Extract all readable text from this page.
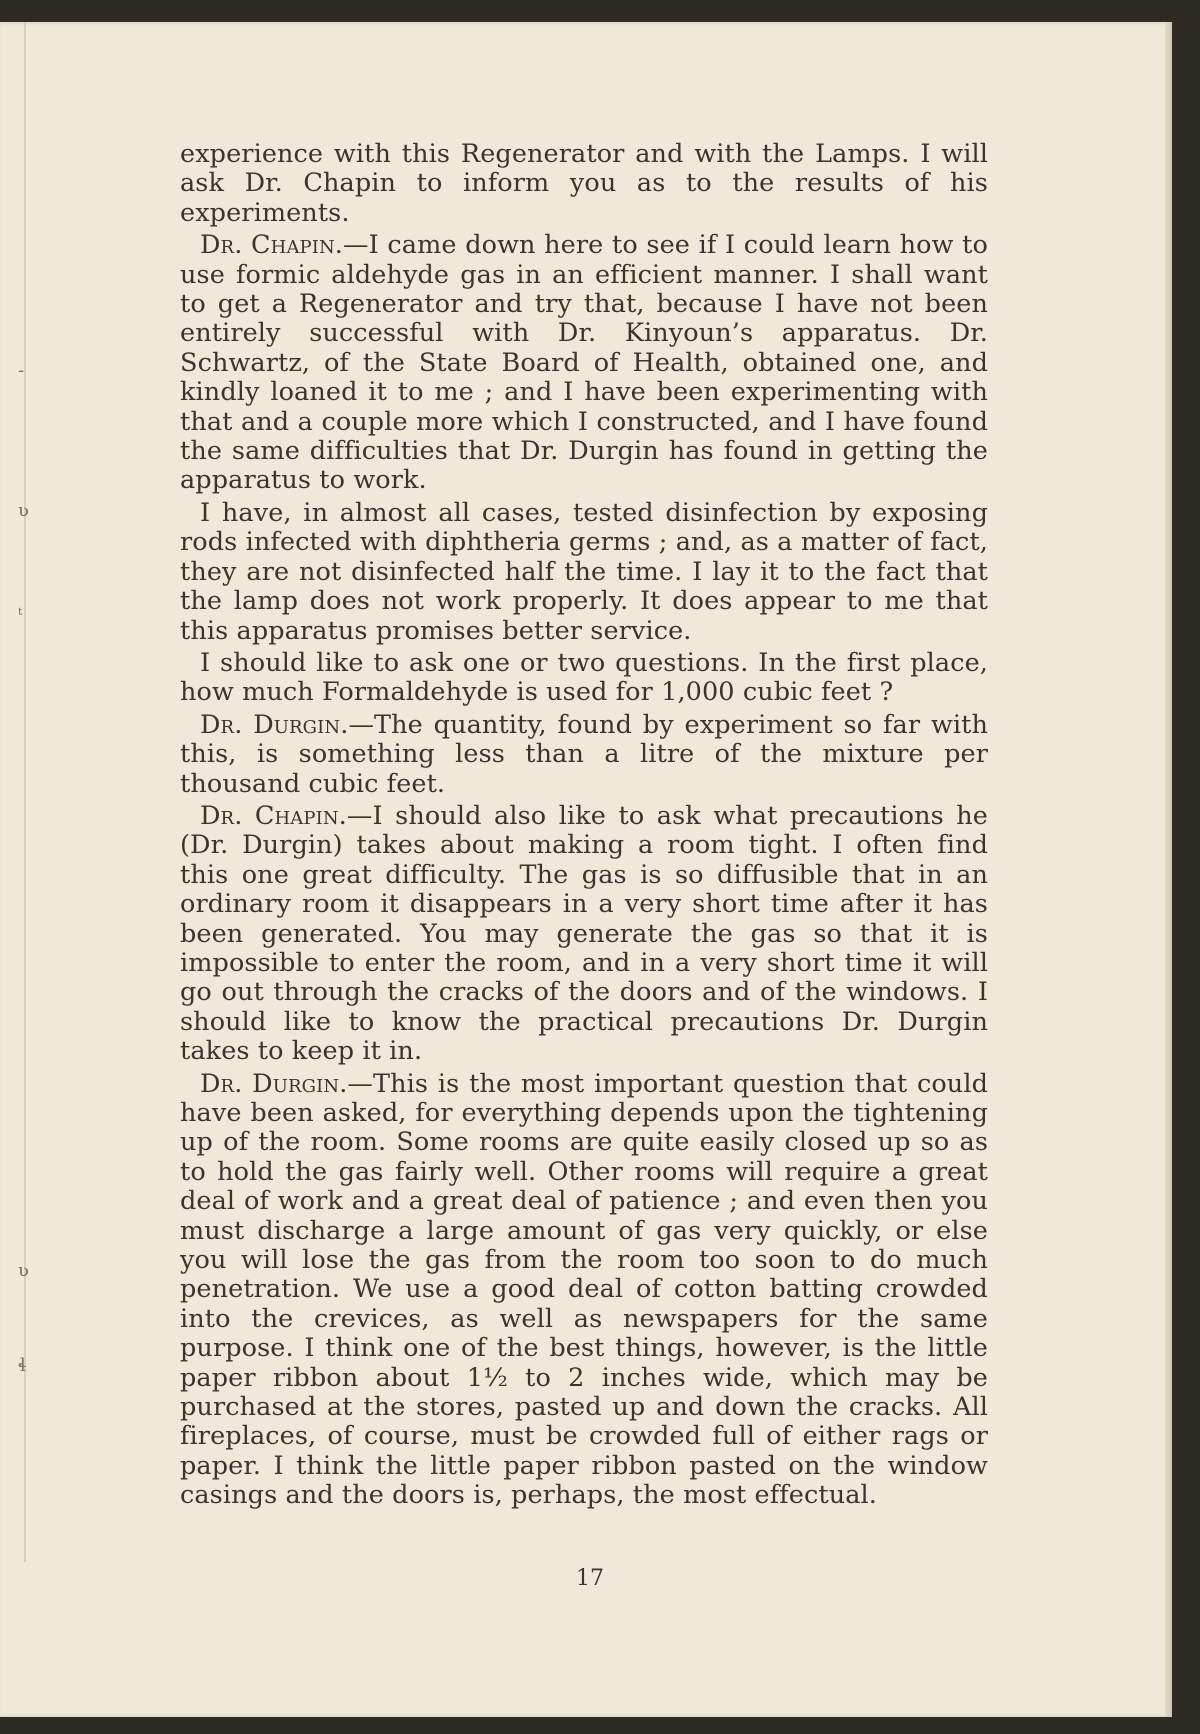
-
ʋ
ᵗ
ʋ
ɬ

experience with this Regenerator and with the Lamps. I will ask Dr. Chapin to inform you as to the results of his experiments.

Dr. Chapin.—I came down here to see if I could learn how to use formic aldehyde gas in an efficient manner. I shall want to get a Regenerator and try that, because I have not been entirely successful with Dr. Kinyoun’s apparatus. Dr. Schwartz, of the State Board of Health, obtained one, and kindly loaned it to me ; and I have been experimenting with that and a couple more which I constructed, and I have found the same difficulties that Dr. Durgin has found in getting the apparatus to work.

I have, in almost all cases, tested disinfection by exposing rods infected with diphtheria germs ; and, as a matter of fact, they are not disinfected half the time. I lay it to the fact that the lamp does not work properly. It does appear to me that this apparatus promises better service.

I should like to ask one or two questions. In the first place, how much Formaldehyde is used for 1,000 cubic feet ?

Dr. Durgin.—The quantity, found by experiment so far with this, is something less than a litre of the mixture per thousand cubic feet.

Dr. Chapin.—I should also like to ask what precautions he (Dr. Durgin) takes about making a room tight. I often find this one great difficulty. The gas is so diffusible that in an ordinary room it disappears in a very short time after it has been generated. You may generate the gas so that it is impossible to enter the room, and in a very short time it will go out through the cracks of the doors and of the windows. I should like to know the practical precautions Dr. Durgin takes to keep it in.

Dr. Durgin.—This is the most important question that could have been asked, for everything depends upon the tightening up of the room. Some rooms are quite easily closed up so as to hold the gas fairly well. Other rooms will require a great deal of work and a great deal of patience ; and even then you must discharge a large amount of gas very quickly, or else you will lose the gas from the room too soon to do much penetration. We use a good deal of cotton batting crowded into the crevices, as well as newspapers for the same purpose. I think one of the best things, however, is the little paper ribbon about 1½ to 2 inches wide, which may be purchased at the stores, pasted up and down the cracks. All fireplaces, of course, must be crowded full of either rags or paper. I think the little paper ribbon pasted on the window casings and the doors is, perhaps, the most effectual.

17
